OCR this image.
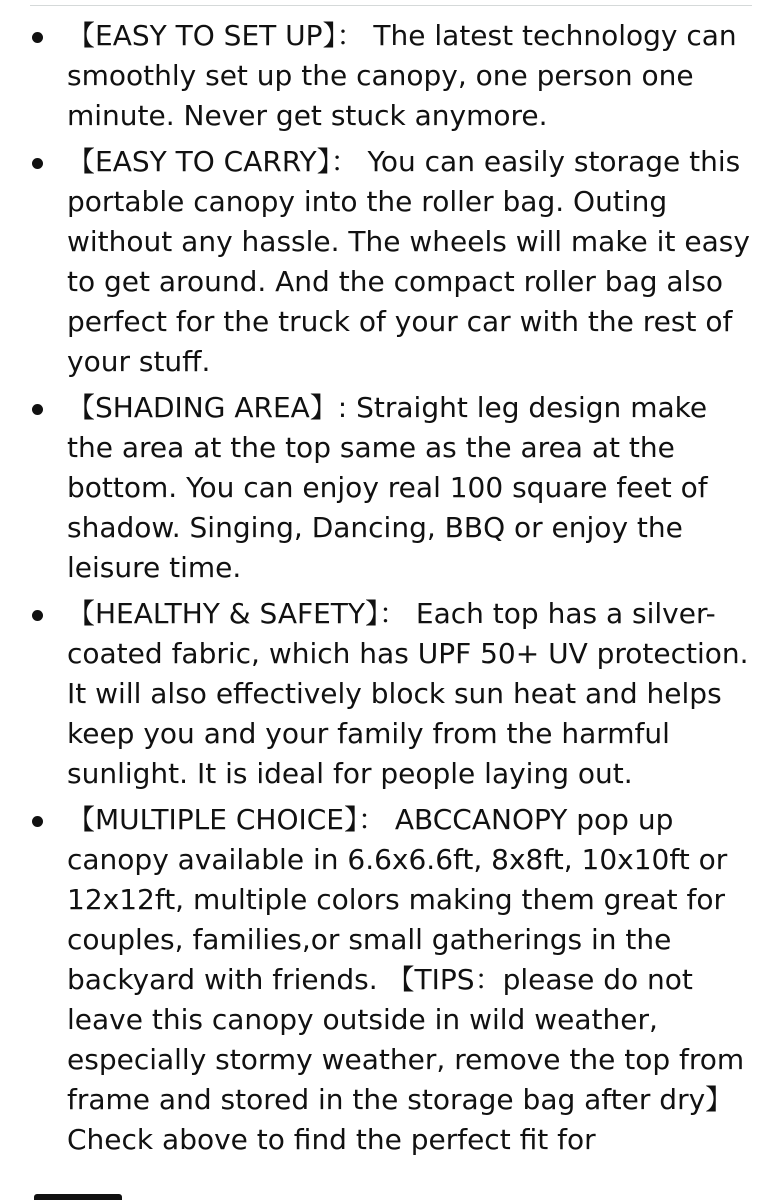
【EASY TO SET UP】： The latest technology can smoothly set up the canopy, one person one minute. Never get stuck anymore.
【EASY TO CARRY】： You can easily storage this portable canopy into the roller bag. Outing without any hassle. The wheels will make it easy to get around. And the compact roller bag also perfect for the truck of your car with the rest of your stuff.
【SHADING AREA】: Straight leg design make the area at the top same as the area at the bottom. You can enjoy real 100 square feet of shadow. Singing, Dancing, BBQ or enjoy the leisure time.
【HEALTHY & SAFETY】： Each top has a silver-coated fabric, which has UPF 50+ UV protection. It will also effectively block sun heat and helps keep you and your family from the harmful sunlight. It is ideal for people laying out.
【MULTIPLE CHOICE】： ABCCANOPY pop up canopy available in 6.6x6.6ft, 8x8ft, 10x10ft or 12x12ft, multiple colors making them great for couples, families,or small gatherings in the backyard with friends. 【TIPS：please do not leave this canopy outside in wild weather, especially stormy weather, remove the top from frame and stored in the storage bag after dry】Check above to find the perfect fit for
